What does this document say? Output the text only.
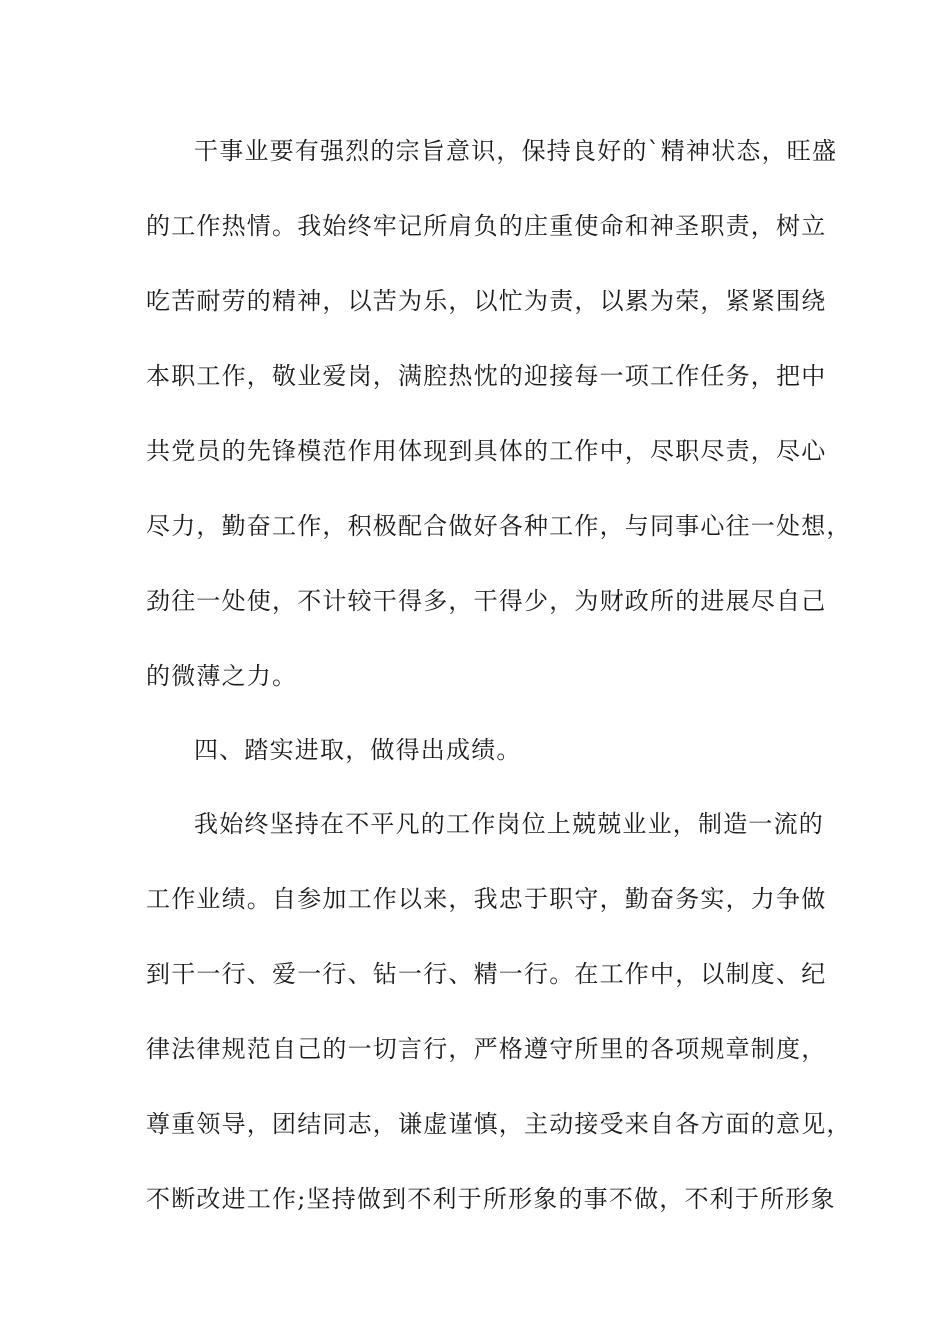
干事业要有强烈的宗旨意识，保持良好的`精神状态，旺盛
的工作热情。我始终牢记所肩负的庄重使命和神圣职责，树立
吃苦耐劳的精神，以苦为乐，以忙为责，以累为荣，紧紧围绕
本职工作，敬业爱岗，满腔热忱的迎接每一项工作任务，把中
共党员的先锋模范作用体现到具体的工作中，尽职尽责，尽心
尽力，勤奋工作，积极配合做好各种工作，与同事心往一处想，
劲往一处使，不计较干得多，干得少，为财政所的进展尽自己
的微薄之力。
四、踏实进取，做得出成绩。
我始终坚持在不平凡的工作岗位上兢兢业业，制造一流的
工作业绩。自参加工作以来，我忠于职守，勤奋务实，力争做
到干一行、爱一行、钻一行、精一行。在工作中，以制度、纪
律法律规范自己的一切言行，严格遵守所里的各项规章制度，
尊重领导，团结同志，谦虚谨慎，主动接受来自各方面的意见，
不断改进工作;坚持做到不利于所形象的事不做，不利于所形象
